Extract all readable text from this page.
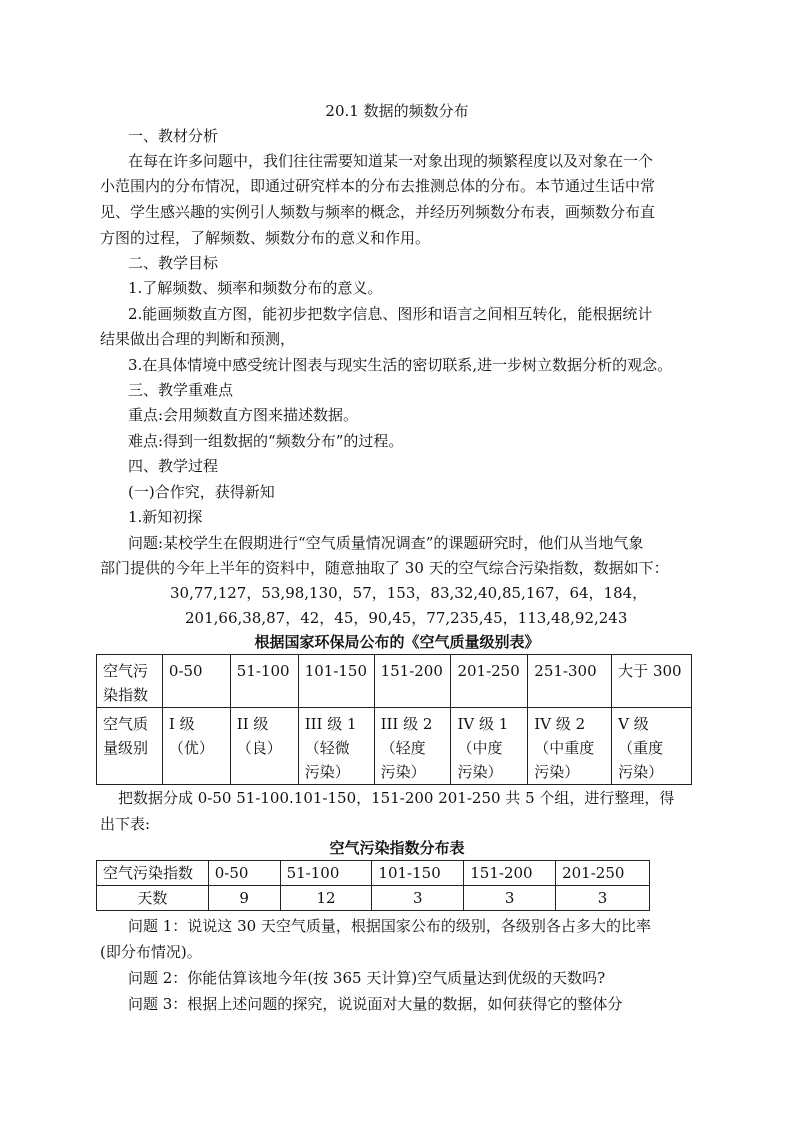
20.1 数据的频数分布
一、教材分析
在每在许多问题中，我们往往需要知道某一对象出现的频繁程度以及对象在一个
小范围内的分布情况，即通过研究样本的分布去推测总体的分布。本节通过生话中常
见、学生感兴趣的实例引人频数与频率的概念，并经历列频数分布表，画频数分布直
方图的过程，了解频数、频数分布的意义和作用。
二、教学目标
1.了解频数、频率和频数分布的意义。
2.能画频数直方图，能初步把数字信息、图形和语言之间相互转化，能根据统计
结果做出合理的判断和预测，
3.在具体情境中感受统计图表与现实生活的密切联系,进一步树立数据分析的观念。
三、教学重难点
重点:会用频数直方图来描述数据。
难点:得到一组数据的“频数分布”的过程。
四、教学过程
(一)合作究，获得新知
1.新知初探
问题:某校学生在假期进行“空气质量情况调查”的课题研究时，他们从当地气象
部门提供的今年上半年的资料中，随意抽取了 30 天的空气综合污染指数，数据如下：
30,77,127，53,98,130，57，153，83,32,40,85,167，64，184，
201,66,38,87，42，45，90,45，77,235,45，113,48,92,243
根据国家环保局公布的《空气质量级别表》
空气污
染指数	0-50	51-100	101-150	151-200	201-250	251-300	大于 300

空气质
量级别	I 级
（优）	II 级
（良）	III 级 1
（轻微
污染）	III 级 2
（轻度
污染）	IV 级 1
（中度
污染）	IV 级 2
（中重度
污染）	V 级
（重度
污染）
把数据分成 0-50 51-100.101-150，151-200 201-250 共 5 个组，进行整理，得
出下表:
空气污染指数分布表
空气污染指数	0-50	51-100	101-150	151-200	201-250
天数	9	12	3	3	3
问题 1：说说这 30 天空气质量，根据国家公布的级别，各级别各占多大的比率
(即分布情况)。
问题 2：你能估算该地今年(按 365 天计算)空气质量达到优级的天数吗?
问题 3：根据上述问题的探究，说说面对大量的数据，如何获得它的整体分
